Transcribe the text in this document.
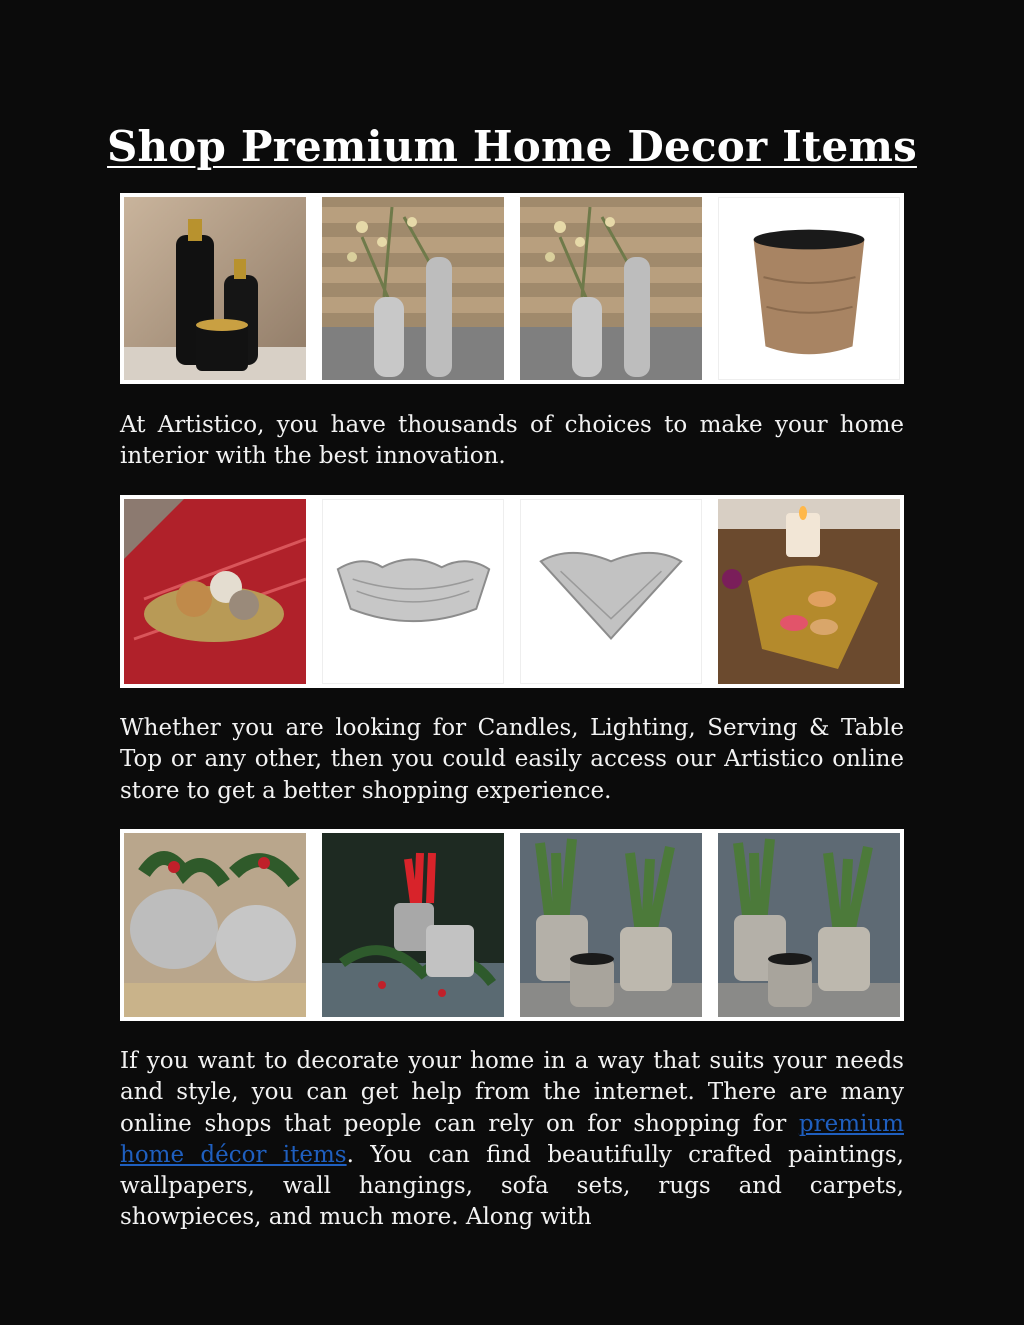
Shop Premium Home Decor Items

At Artistico, you have thousands of choices to make your home interior with the best innovation.

Whether you are looking for Candles, Lighting, Serving & Table Top or any other, then you could easily access our Artistico online store to get a better shopping experience.

If you want to decorate your home in a way that suits your needs and style, you can get help from the internet. There are many online shops that people can rely on for shopping for premium home décor items. You can find beautifully crafted paintings, wallpapers, wall hangings, sofa sets, rugs and carpets, showpieces, and much more. Along with
